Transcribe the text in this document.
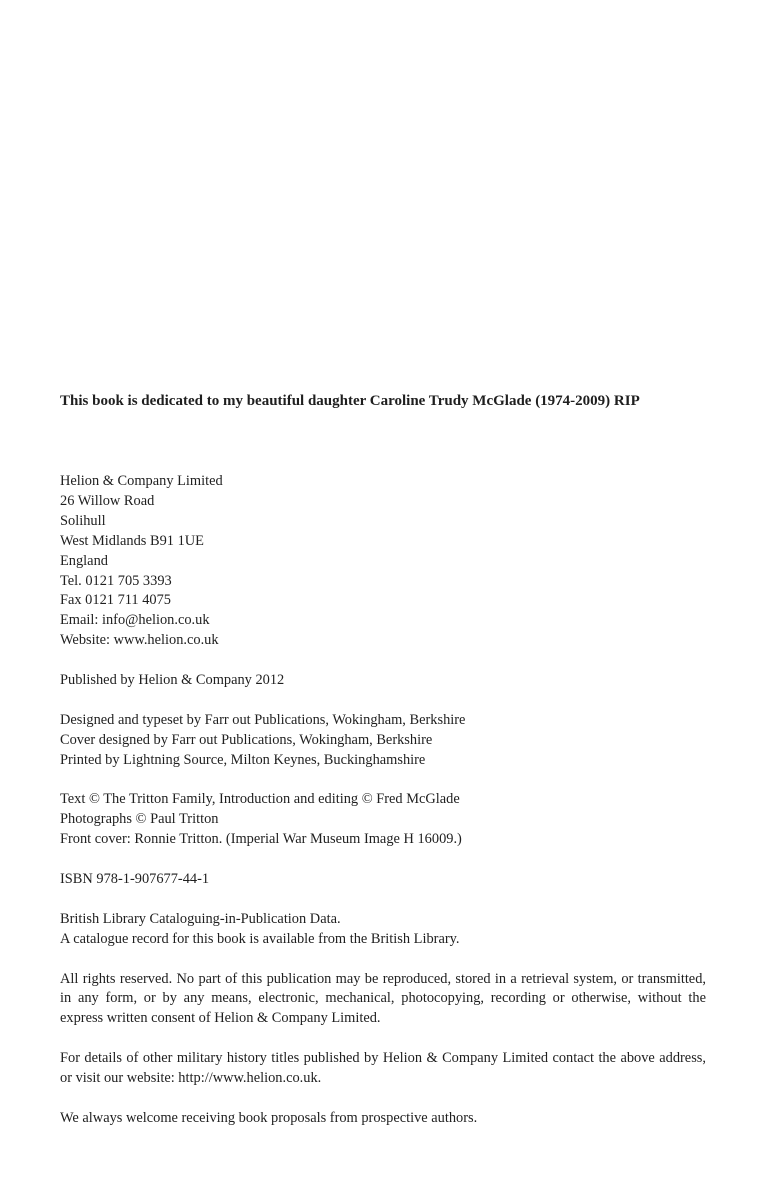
This book is dedicated to my beautiful daughter Caroline Trudy McGlade (1974-2009) RIP
Helion & Company Limited
26 Willow Road
Solihull
West Midlands B91 1UE
England
Tel. 0121 705 3393
Fax 0121 711 4075
Email: info@helion.co.uk
Website: www.helion.co.uk
Published by Helion & Company 2012
Designed and typeset by Farr out Publications, Wokingham, Berkshire
Cover designed by Farr out Publications, Wokingham, Berkshire
Printed by Lightning Source, Milton Keynes, Buckinghamshire
Text © The Tritton Family, Introduction and editing © Fred McGlade
Photographs © Paul Tritton
Front cover: Ronnie Tritton. (Imperial War Museum Image H 16009.)
ISBN 978-1-907677-44-1
British Library Cataloguing-in-Publication Data.
A catalogue record for this book is available from the British Library.
All rights reserved. No part of this publication may be reproduced, stored in a retrieval system, or transmitted, in any form, or by any means, electronic, mechanical, photocopying, recording or otherwise, without the express written consent of Helion & Company Limited.
For details of other military history titles published by Helion & Company Limited contact the above address, or visit our website: http://www.helion.co.uk.
We always welcome receiving book proposals from prospective authors.
